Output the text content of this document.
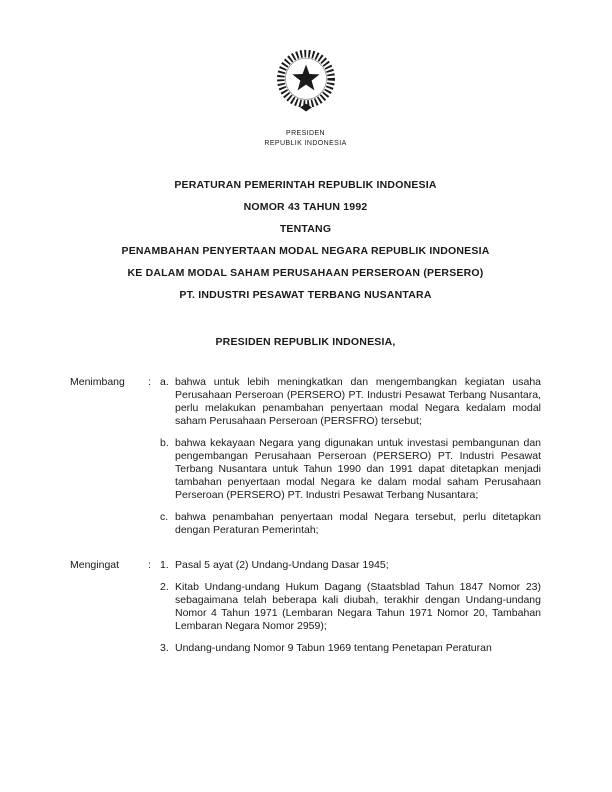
PRESIDEN
REPUBLIK INDONESIA
PERATURAN PEMERINTAH REPUBLIK INDONESIA
NOMOR 43 TAHUN 1992
TENTANG
PENAMBAHAN PENYERTAAN MODAL NEGARA REPUBLIK INDONESIA
KE DALAM MODAL SAHAM PERUSAHAAN PERSEROAN (PERSERO)
PT. INDUSTRI PESAWAT TERBANG NUSANTARA
PRESIDEN REPUBLIK INDONESIA,
Menimbang	: a. bahwa untuk lebih meningkatkan dan mengembangkan kegiatan usaha Perusahaan Perseroan (PERSERO) PT. Industri Pesawat Terbang Nusantara, perlu melakukan penambahan penyertaan modal Negara kedalam modal saham Perusahaan Perseroan (PERSFRO) tersebut;
b. bahwa kekayaan Negara yang digunakan untuk investasi pembangunan dan pengembangan Perusahaan Perseroan (PERSERO) PT. Industri Pesawat Terbang Nusantara untuk Tahun 1990 dan 1991 dapat ditetapkan menjadi tambahan penyertaan modal Negara ke dalam modal saham Perusahaan Perseroan (PERSERO) PT. Industri Pesawat Terbang Nusantara;
c. bahwa penambahan penyertaan modal Negara tersebut, perlu ditetapkan dengan Peraturan Pemerintah;
Mengingat	: 1. Pasal 5 ayat (2) Undang-Undang Dasar 1945;
2. Kitab Undang-undang Hukum Dagang (Staatsblad Tahun 1847 Nomor 23) sebagaimana telah beberapa kali diubah, terakhir dengan Undang-undang Nomor 4 Tahun 1971 (Lembaran Negara Tahun 1971 Nomor 20, Tambahan Lembaran Negara Nomor 2959);
3. Undang-undang Nomor 9 Tabun 1969 tentang Penetapan Peraturan
